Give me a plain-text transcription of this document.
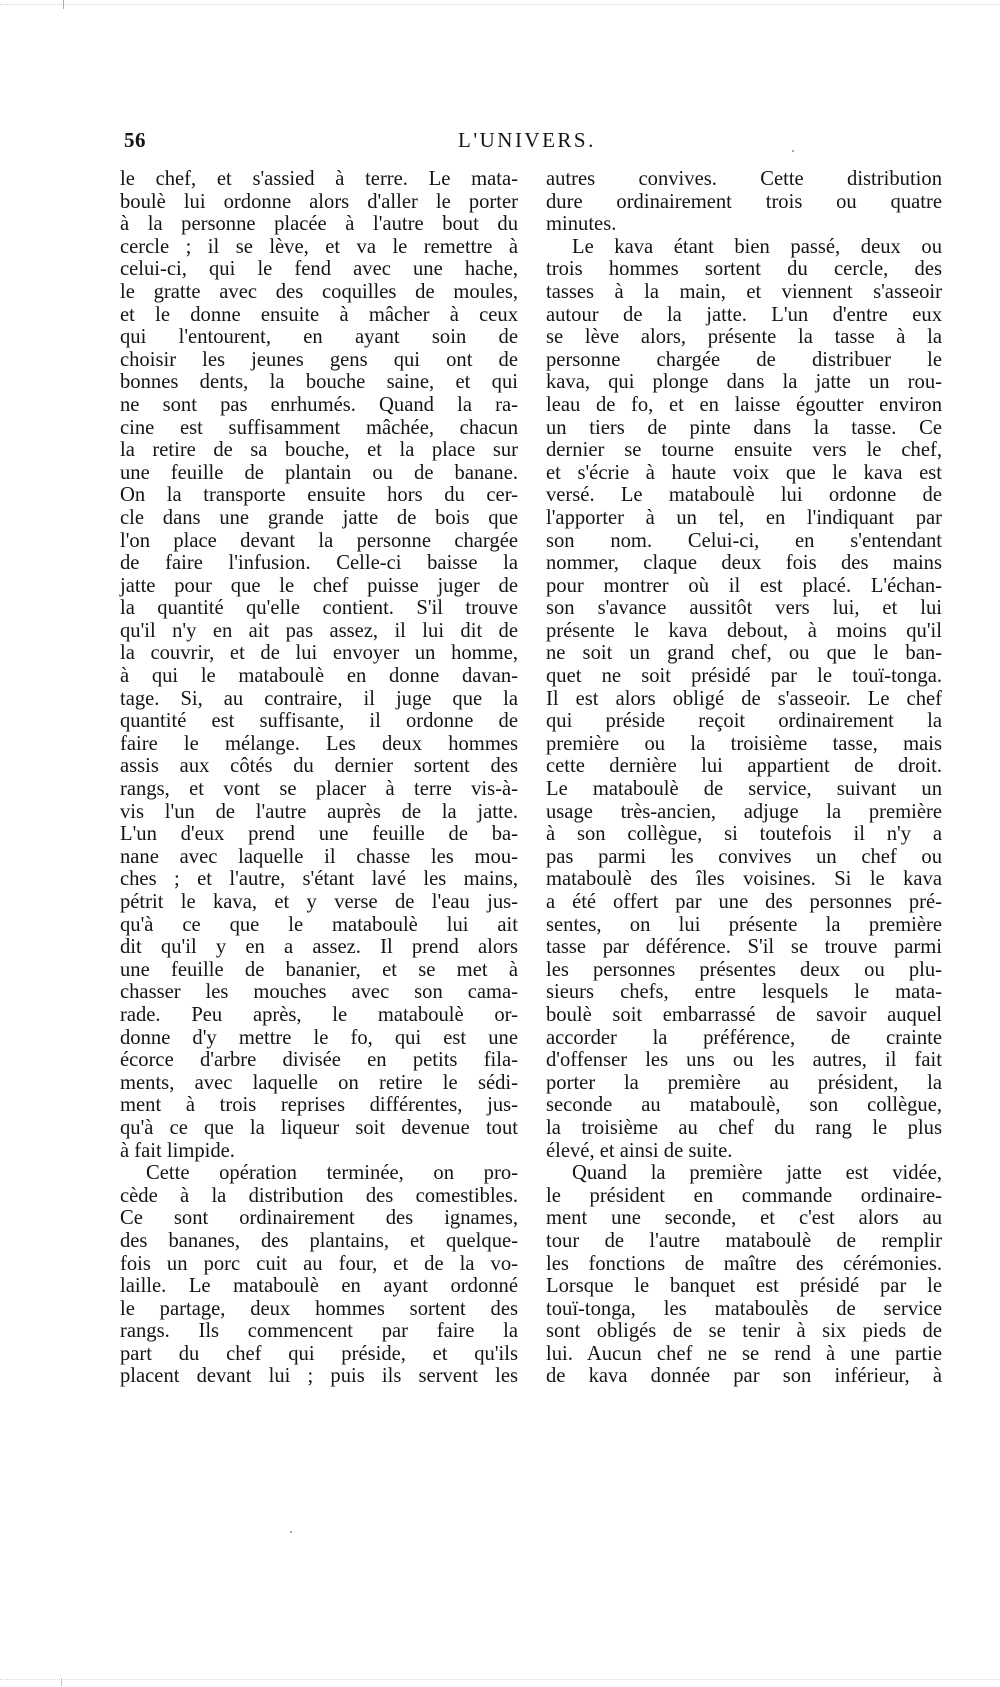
56	L'UNIVERS.
le chef, et s'assied à terre. Le mata-
boulè lui ordonne alors d'aller le porter
à la personne placée à l'autre bout du
cercle ; il se lève, et va le remettre à
celui-ci, qui le fend avec une hache,
le gratte avec des coquilles de moules,
et le donne ensuite à mâcher à ceux
qui l'entourent, en ayant soin de
choisir les jeunes gens qui ont de
bonnes dents, la bouche saine, et qui
ne sont pas enrhumés. Quand la ra-
cine est suffisamment mâchée, chacun
la retire de sa bouche, et la place sur
une feuille de plantain ou de banane.
On la transporte ensuite hors du cer-
cle dans une grande jatte de bois que
l'on place devant la personne chargée
de faire l'infusion. Celle-ci baisse la
jatte pour que le chef puisse juger de
la quantité qu'elle contient. S'il trouve
qu'il n'y en ait pas assez, il lui dit de
la couvrir, et de lui envoyer un homme,
à qui le mataboulè en donne davan-
tage. Si, au contraire, il juge que la
quantité est suffisante, il ordonne de
faire le mélange. Les deux hommes
assis aux côtés du dernier sortent des
rangs, et vont se placer à terre vis-à-
vis l'un de l'autre auprès de la jatte.
L'un d'eux prend une feuille de ba-
nane avec laquelle il chasse les mou-
ches ; et l'autre, s'étant lavé les mains,
pétrit le kava, et y verse de l'eau jus-
qu'à ce que le mataboulè lui ait
dit qu'il y en a assez. Il prend alors
une feuille de bananier, et se met à
chasser les mouches avec son cama-
rade. Peu après, le mataboulè or-
donne d'y mettre le fo, qui est une
écorce d'arbre divisée en petits fila-
ments, avec laquelle on retire le sédi-
ment à trois reprises différentes, jus-
qu'à ce que la liqueur soit devenue tout
à fait limpide.
Cette opération terminée, on pro-
cède à la distribution des comestibles.
Ce sont ordinairement des ignames,
des bananes, des plantains, et quelque-
fois un porc cuit au four, et de la vo-
laille. Le mataboulè en ayant ordonné
le partage, deux hommes sortent des
rangs. Ils commencent par faire la
part du chef qui préside, et qu'ils
placent devant lui ; puis ils servent les
autres convives. Cette distribution
dure ordinairement trois ou quatre
minutes.
Le kava étant bien passé, deux ou
trois hommes sortent du cercle, des
tasses à la main, et viennent s'asseoir
autour de la jatte. L'un d'entre eux
se lève alors, présente la tasse à la
personne chargée de distribuer le
kava, qui plonge dans la jatte un rou-
leau de fo, et en laisse égoutter environ
un tiers de pinte dans la tasse. Ce
dernier se tourne ensuite vers le chef,
et s'écrie à haute voix que le kava est
versé. Le mataboulè lui ordonne de
l'apporter à un tel, en l'indiquant par
son nom. Celui-ci, en s'entendant
nommer, claque deux fois des mains
pour montrer où il est placé. L'échan-
son s'avance aussitôt vers lui, et lui
présente le kava debout, à moins qu'il
ne soit un grand chef, ou que le ban-
quet ne soit présidé par le touï-tonga.
Il est alors obligé de s'asseoir. Le chef
qui préside reçoit ordinairement la
première ou la troisième tasse, mais
cette dernière lui appartient de droit.
Le mataboulè de service, suivant un
usage très-ancien, adjuge la première
à son collègue, si toutefois il n'y a
pas parmi les convives un chef ou
mataboulè des îles voisines. Si le kava
a été offert par une des personnes pré-
sentes, on lui présente la première
tasse par déférence. S'il se trouve parmi
les personnes présentes deux ou plu-
sieurs chefs, entre lesquels le mata-
boulè soit embarrassé de savoir auquel
accorder la préférence, de crainte
d'offenser les uns ou les autres, il fait
porter la première au président, la
seconde au mataboulè, son collègue,
la troisième au chef du rang le plus
élevé, et ainsi de suite.
Quand la première jatte est vidée,
le président en commande ordinaire-
ment une seconde, et c'est alors au
tour de l'autre mataboulè de remplir
les fonctions de maître des cérémonies.
Lorsque le banquet est présidé par le
touï-tonga, les mataboulès de service
sont obligés de se tenir à six pieds de
lui. Aucun chef ne se rend à une partie
de kava donnée par son inférieur, à
